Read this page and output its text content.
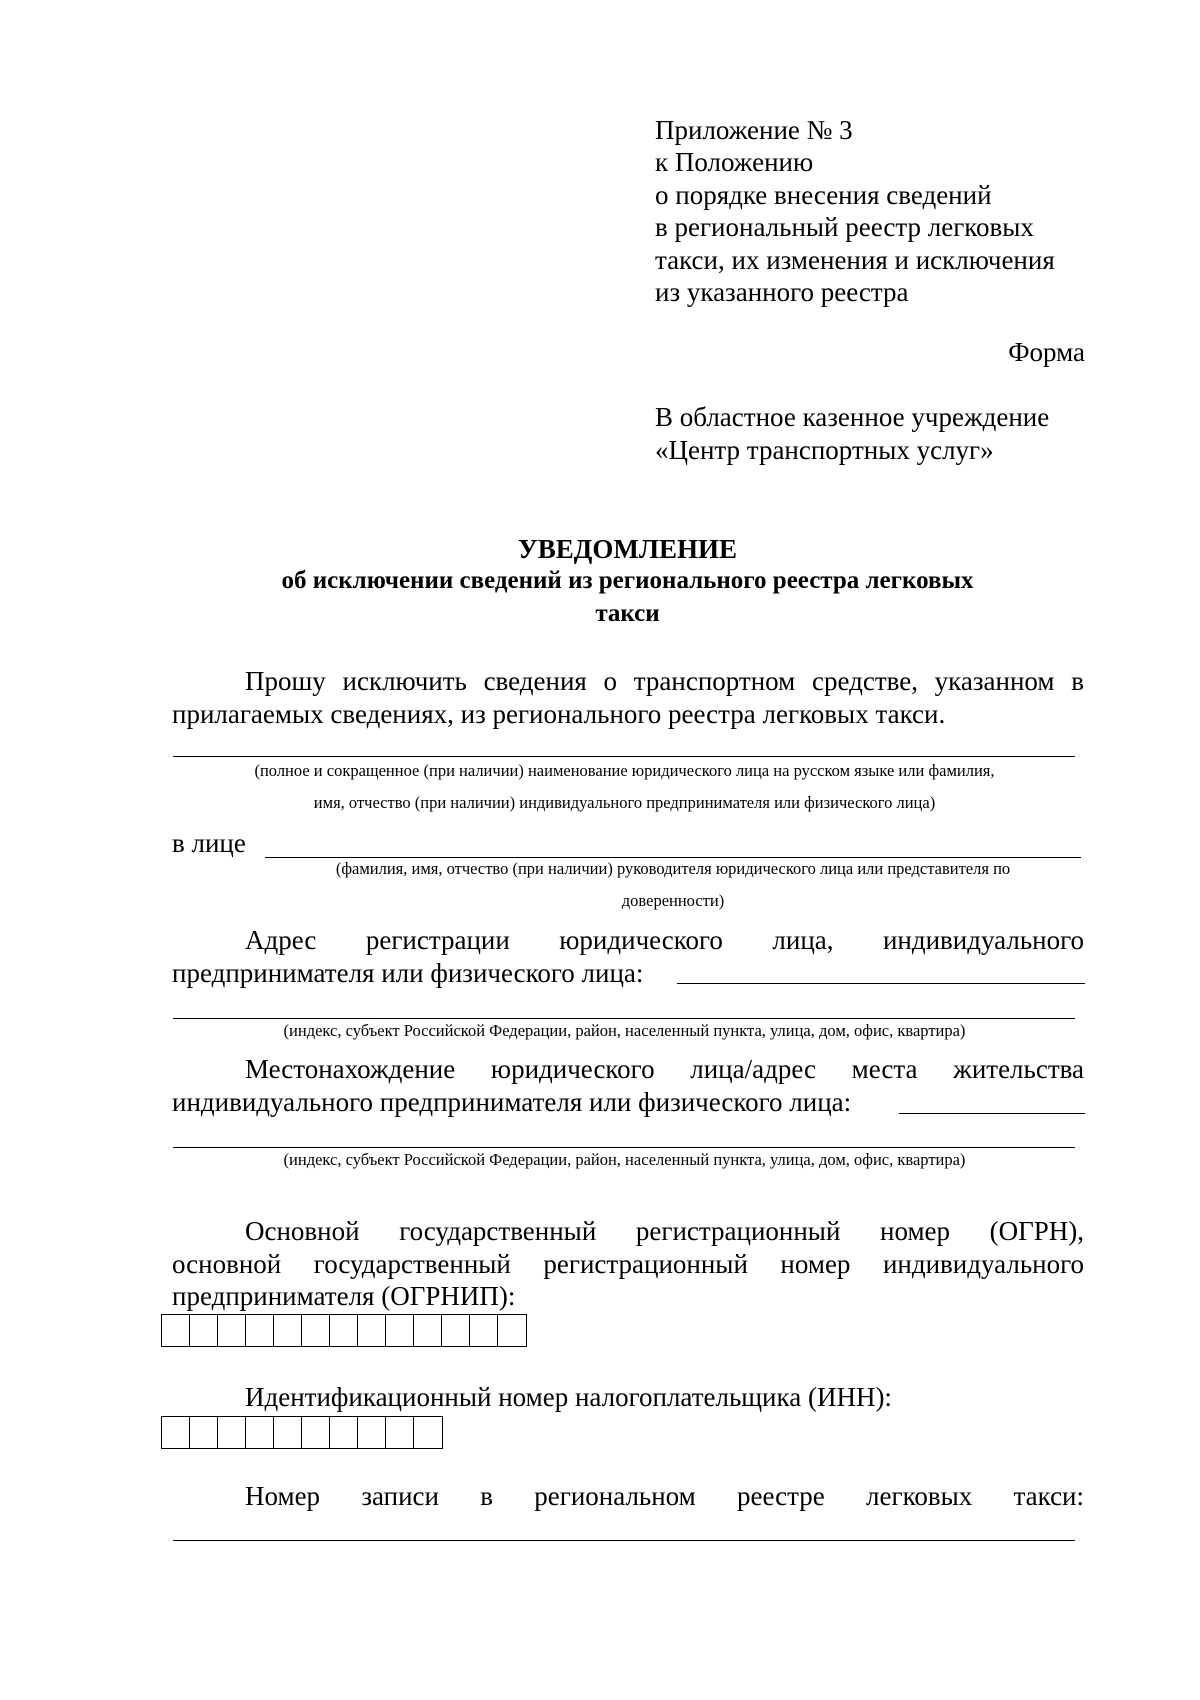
Приложение № 3
к Положению
о порядке внесения сведений
в региональный реестр легковых
такси, их изменения и исключения
из указанного реестра
Форма
В областное казенное учреждение
«Центр транспортных услуг»
УВЕДОМЛЕНИЕ
об исключении сведений из регионального реестра легковых
такси
Прошу исключить сведения о транспортном средстве, указанном в
прилагаемых сведениях, из регионального реестра легковых такси.
(полное и сокращенное (при наличии) наименование юридического лица на русском языке или фамилия,
имя, отчество (при наличии) индивидуального предпринимателя или физического лица)
в лице
(фамилия, имя, отчество (при наличии) руководителя юридического лица или представителя по
доверенности)
Адрес регистрации юридического лица, индивидуального
предпринимателя или физического лица:
(индекс, субъект Российской Федерации, район, населенный пункта, улица, дом, офис, квартира)
Местонахождение юридического лица/адрес места жительства
индивидуального предпринимателя или физического лица:
(индекс, субъект Российской Федерации, район, населенный пункта, улица, дом, офис, квартира)
Основной государственный регистрационный номер (ОГРН),
основной государственный регистрационный номер индивидуального
предпринимателя (ОГРНИП):
Идентификационный номер налогоплательщика (ИНН):
Номер записи в региональном реестре легковых такси:
